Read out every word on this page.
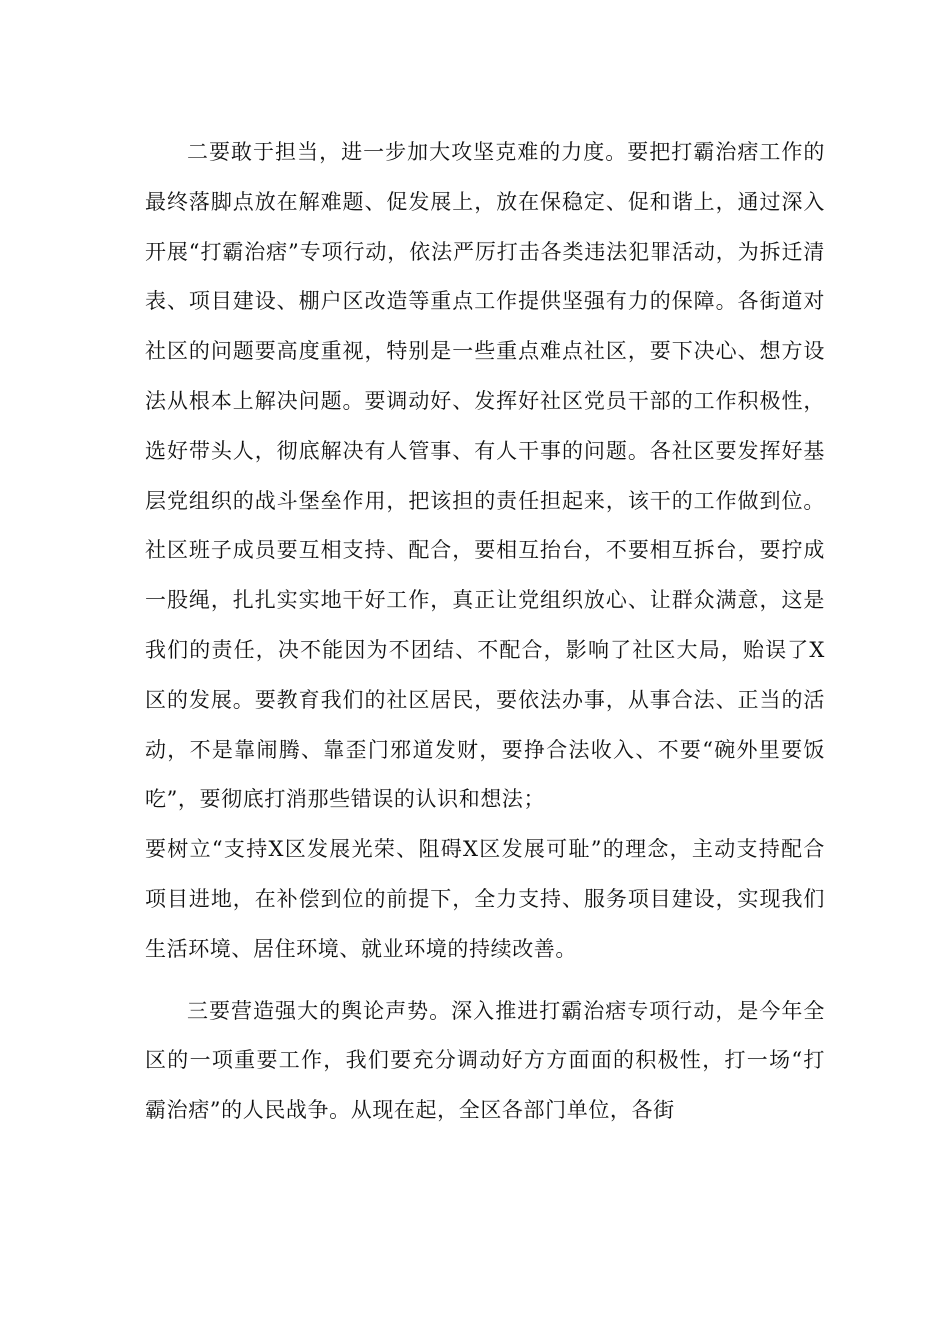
二要敢于担当，进一步加大攻坚克难的力度。要把打霸治痞工作的最终落脚点放在解难题、促发展上，放在保稳定、促和谐上，通过深入开展“打霸治痞”专项行动，依法严厉打击各类违法犯罪活动，为拆迁清表、项目建设、棚户区改造等重点工作提供坚强有力的保障。各街道对社区的问题要高度重视，特别是一些重点难点社区，要下决心、想方设法从根本上解决问题。要调动好、发挥好社区党员干部的工作积极性，选好带头人，彻底解决有人管事、有人干事的问题。各社区要发挥好基层党组织的战斗堡垒作用，把该担的责任担起来，该干的工作做到位。社区班子成员要互相支持、配合，要相互抬台，不要相互拆台，要拧成一股绳，扎扎实实地干好工作，真正让党组织放心、让群众满意，这是我们的责任，决不能因为不团结、不配合，影响了社区大局，贻误了X区的发展。要教育我们的社区居民，要依法办事，从事合法、正当的活动，不是靠闹腾、靠歪门邪道发财，要挣合法收入、不要“碗外里要饭吃”，要彻底打消那些错误的认识和想法；

要树立“支持X区发展光荣、阻碍X区发展可耻”的理念，主动支持配合项目进地，在补偿到位的前提下，全力支持、服务项目建设，实现我们生活环境、居住环境、就业环境的持续改善。

三要营造强大的舆论声势。深入推进打霸治痞专项行动，是今年全区的一项重要工作，我们要充分调动好方方面面的积极性，打一场“打霸治痞”的人民战争。从现在起，全区各部门单位，各街
